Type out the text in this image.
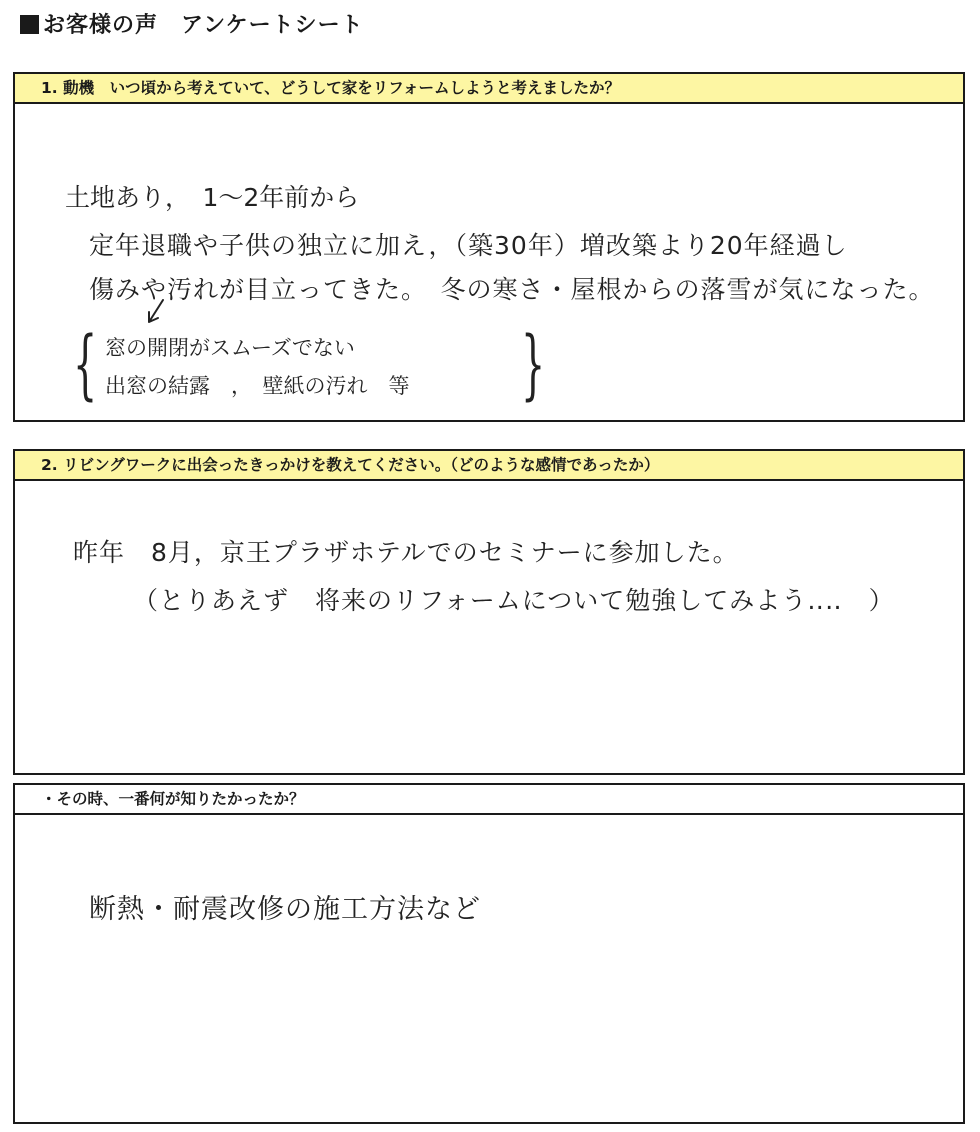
お客様の声　アンケートシート
1. 動機　いつ頃から考えていて、どうして家をリフォームしようと考えましたか？
土地あり，　1〜2年前から
定年退職や子供の独立に加え，（築30年）増改築より20年経過し
傷みや汚れが目立ってきた。　冬の寒さ・屋根からの落雪が気になった。
{ 窓の開閉がスムーズでない
出窓の結露　，　壁紙の汚れ　等 }
2. リビングワークに出会ったきっかけを教えてください。（どのような感情であったか）
昨年　8月，京王プラザホテルでのセミナーに参加した。
（とりあえず　将来のリフォームについて勉強してみよう‥‥　）
・その時、一番何が知りたかったか？
断熱・耐震改修の施工方法など
